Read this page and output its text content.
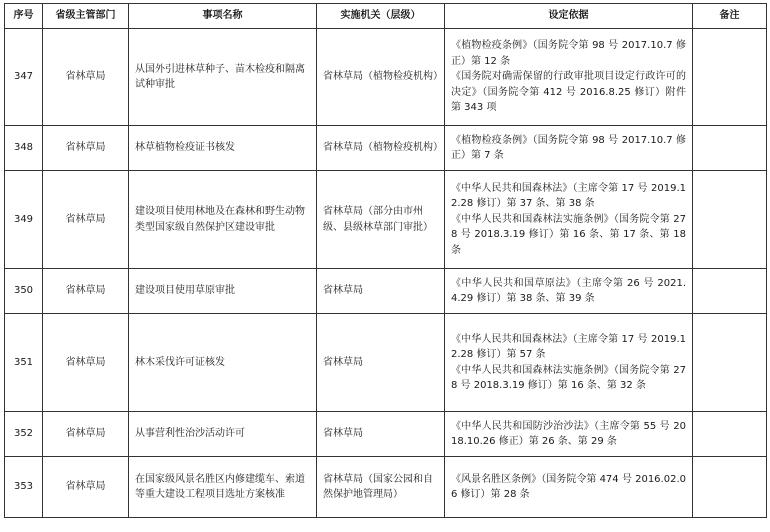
序号	省级主管部门	事项名称	实施机关（层级）	设定依据	备注
347	省林草局	从国外引进林草种子、苗木检疫和隔离试种审批	省林草局（植物检疫机构）	《植物检疫条例》（国务院令第 98 号 2017.10.7 修正）第 12 条
《国务院对确需保留的行政审批项目设定行政许可的决定》（国务院令第 412 号 2016.8.25 修订）附件第 343 项	

348	省林草局	林草植物检疫证书核发	省林草局（植物检疫机构）	《植物检疫条例》（国务院令第 98 号 2017.10.7 修正）第 7 条	

349	省林草局	建设项目使用林地及在森林和野生动物类型国家级自然保护区建设审批	省林草局（部分由市州级、县级林草部门审批）	《中华人民共和国森林法》（主席令第 17 号 2019.12.28 修订）第 37 条、第 38 条
《中华人民共和国森林法实施条例》（国务院令第 278 号 2018.3.19 修订）第 16 条、第 17 条、第 18 条	

350	省林草局	建设项目使用草原审批	省林草局	《中华人民共和国草原法》（主席令第 26 号 2021.4.29 修订）第 38 条、第 39 条	

351	省林草局	林木采伐许可证核发	省林草局	《中华人民共和国森林法》（主席令第 17 号 2019.12.28 修订）第 57 条
《中华人民共和国森林法实施条例》（国务院令第 278 号 2018.3.19 修订）第 16 条、第 32 条	

352	省林草局	从事营利性治沙活动许可	省林草局	《中华人民共和国防沙治沙法》（主席令第 55 号 2018.10.26 修正）第 26 条、第 29 条	

353	省林草局	在国家级风景名胜区内修建缆车、索道等重大建设工程项目选址方案核准	省林草局（国家公园和自然保护地管理局）	《风景名胜区条例》（国务院令第 474 号 2016.02.06 修订）第 28 条	
